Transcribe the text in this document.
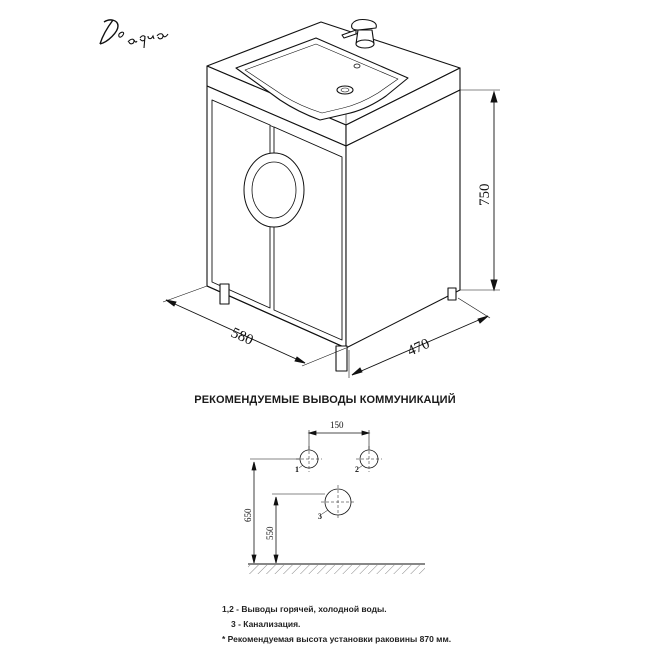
580	470
750
150
650
550
1	2
3
РЕКОМЕНДУЕМЫЕ ВЫВОДЫ КОММУНИКАЦИЙ
1,2 - Выводы горячей, холодной воды.
3 - Канализация.
* Рекомендуемая высота установки раковины 870 мм.
